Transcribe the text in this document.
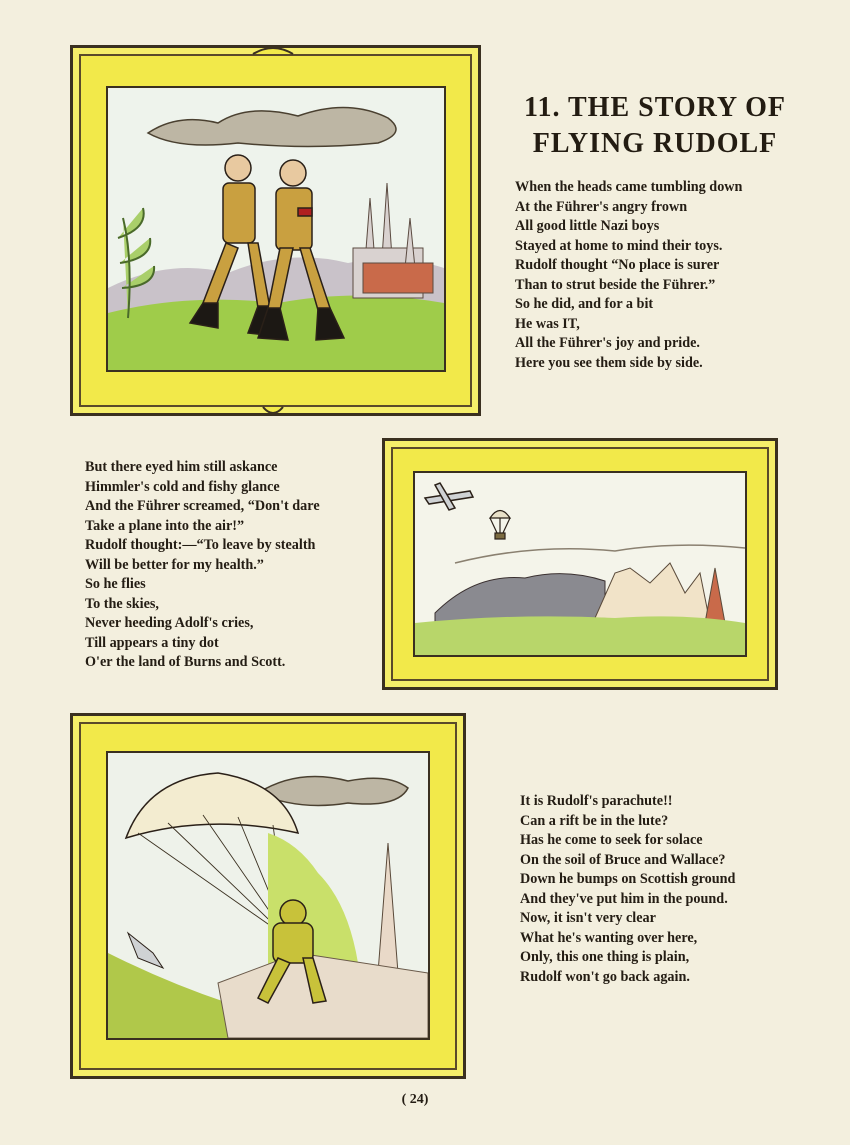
11. THE STORY OF
FLYING RUDOLF
When the heads came tumbling down
At the Führer's angry frown
All good little Nazi boys
Stayed at home to mind their toys.
Rudolf thought “No place is surer
Than to strut beside the Führer.”
So he did, and for a bit
He was IT,
All the Führer's joy and pride.
Here you see them side by side.
But there eyed him still askance
Himmler's cold and fishy glance
And the Führer screamed, “Don't dare
Take a plane into the air!”
Rudolf thought:—“To leave by stealth
Will be better for my health.”
So he flies
To the skies,
Never heeding Adolf's cries,
Till appears a tiny dot
O'er the land of Burns and Scott.
It is Rudolf's parachute!!
Can a rift be in the lute?
Has he come to seek for solace
On the soil of Bruce and Wallace?
Down he bumps on Scottish ground
And they've put him in the pound.
Now, it isn't very clear
What he's wanting over here,
Only, this one thing is plain,
Rudolf won't go back again.
( 24)
